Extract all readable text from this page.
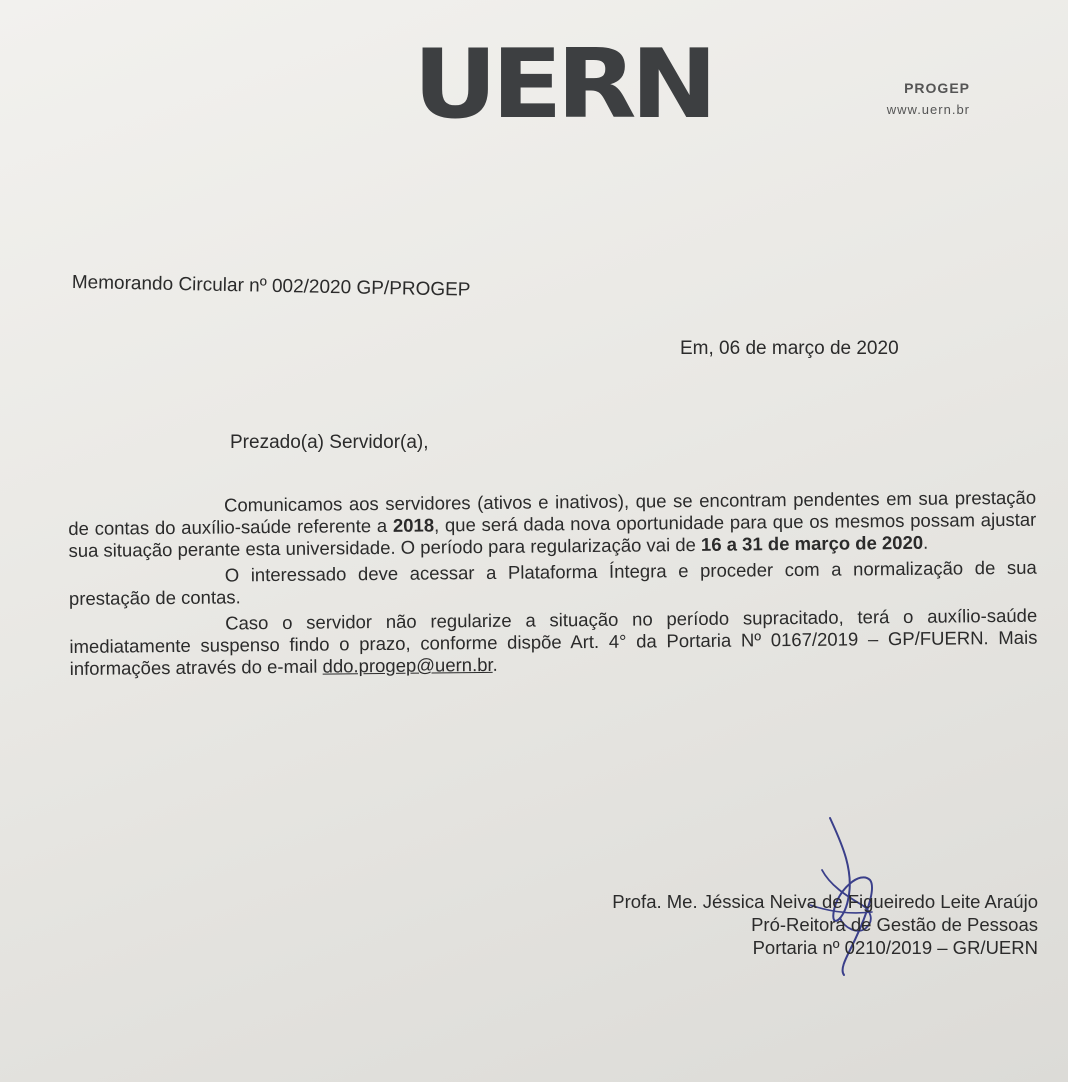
UERN	PROGEP
www.uern.br
Memorando Circular nº 002/2020 GP/PROGEP
Em, 06 de março de 2020
Prezado(a) Servidor(a),

Comunicamos aos servidores (ativos e inativos), que se encontram pendentes em sua prestação de contas do auxílio-saúde referente a 2018, que será dada nova oportunidade para que os mesmos possam ajustar sua situação perante esta universidade. O período para regularização vai de 16 a 31 de março de 2020.

O interessado deve acessar a Plataforma Íntegra e proceder com a normalização de sua prestação de contas.

Caso o servidor não regularize a situação no período supracitado, terá o auxílio-saúde imediatamente suspenso findo o prazo, conforme dispõe Art. 4° da Portaria Nº 0167/2019 – GP/FUERN. Mais informações através do e-mail ddo.progep@uern.br.

Profa. Me. Jéssica Neiva de Figueiredo Leite Araújo
Pró-Reitora de Gestão de Pessoas
Portaria nº 0210/2019 – GR/UERN
